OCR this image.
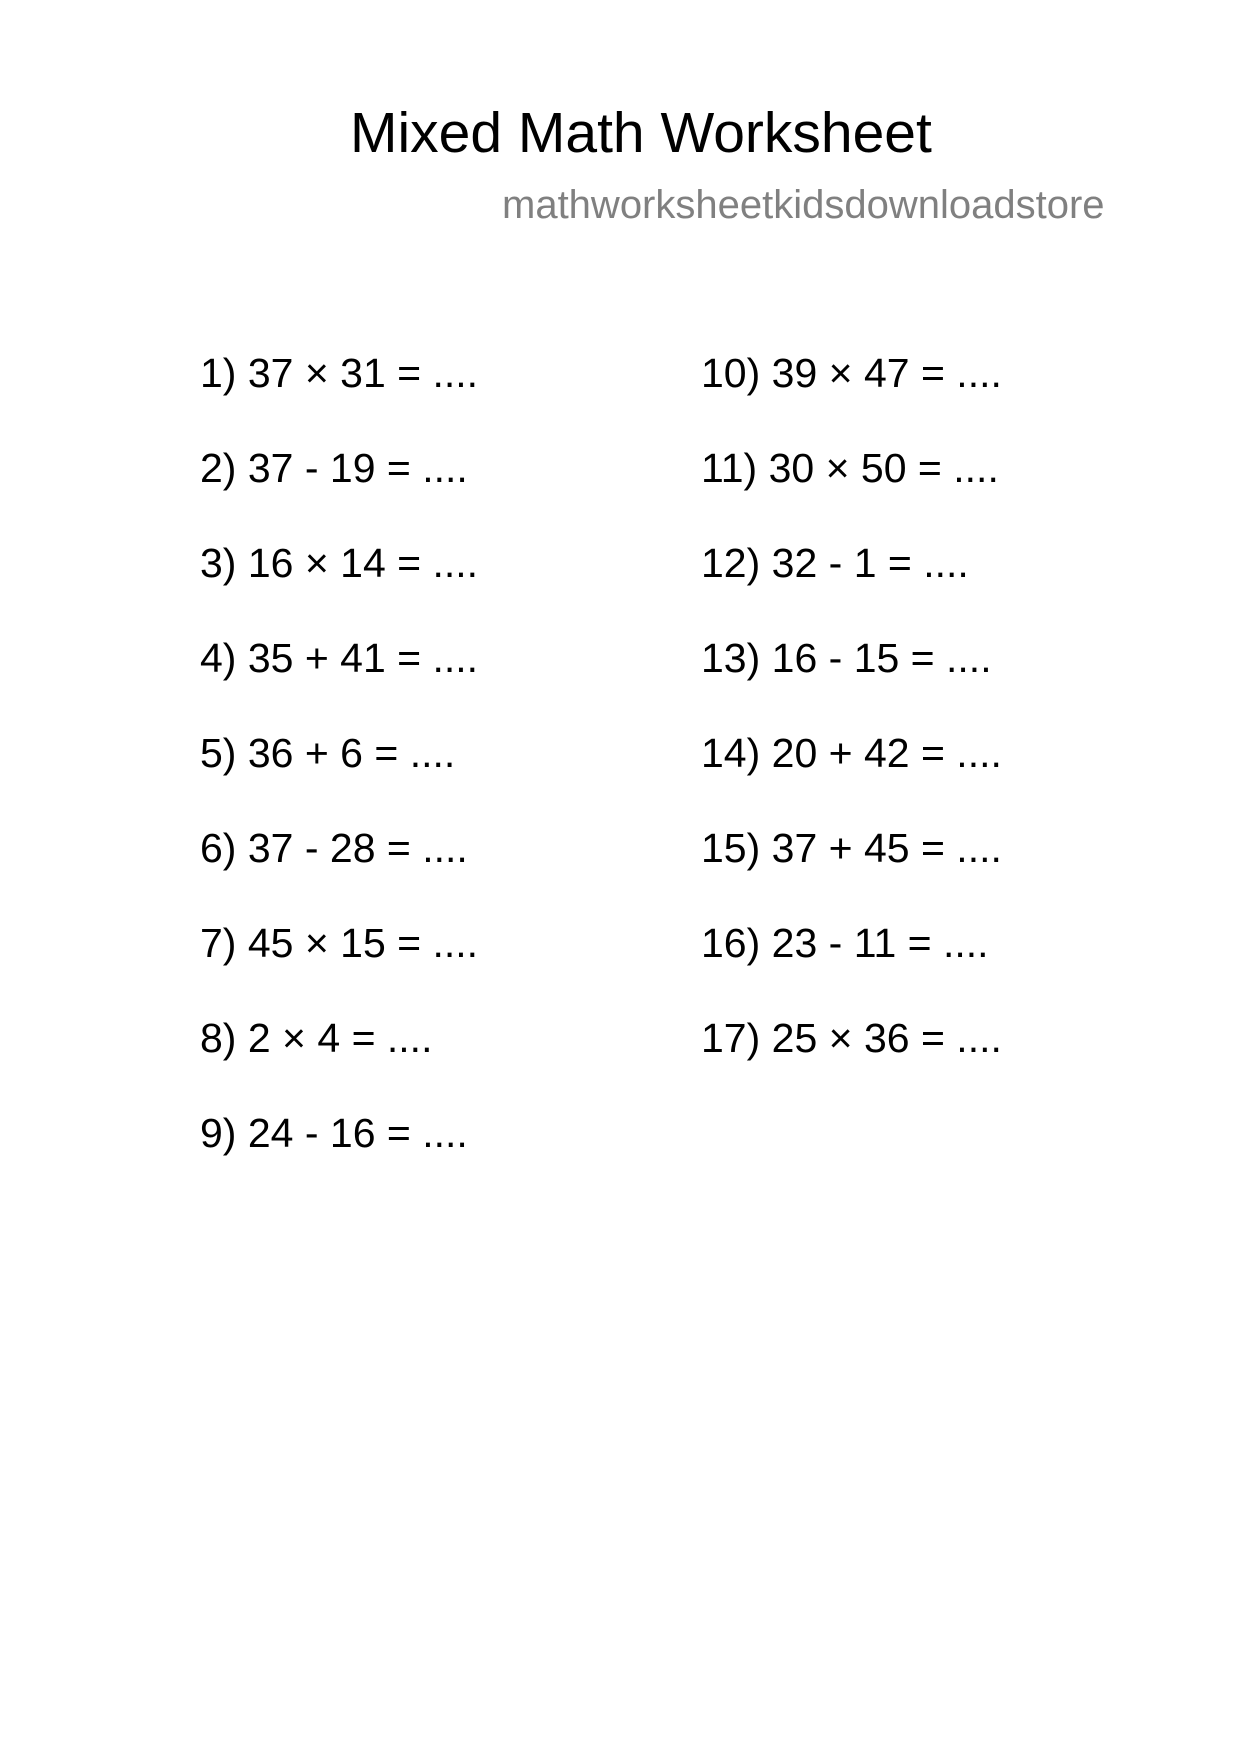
Mixed Math Worksheet
mathworksheetkidsdownloadstore
1) 37 × 31 = ....
2) 37 - 19 = ....
3) 16 × 14 = ....
4) 35 + 41 = ....
5) 36 + 6 = ....
6) 37 - 28 = ....
7) 45 × 15 = ....
8) 2 × 4 = ....
9) 24 - 16 = ....
10) 39 × 47 = ....
11) 30 × 50 = ....
12) 32 - 1 = ....
13) 16 - 15 = ....
14) 20 + 42 = ....
15) 37 + 45 = ....
16) 23 - 11 = ....
17) 25 × 36 = ....
